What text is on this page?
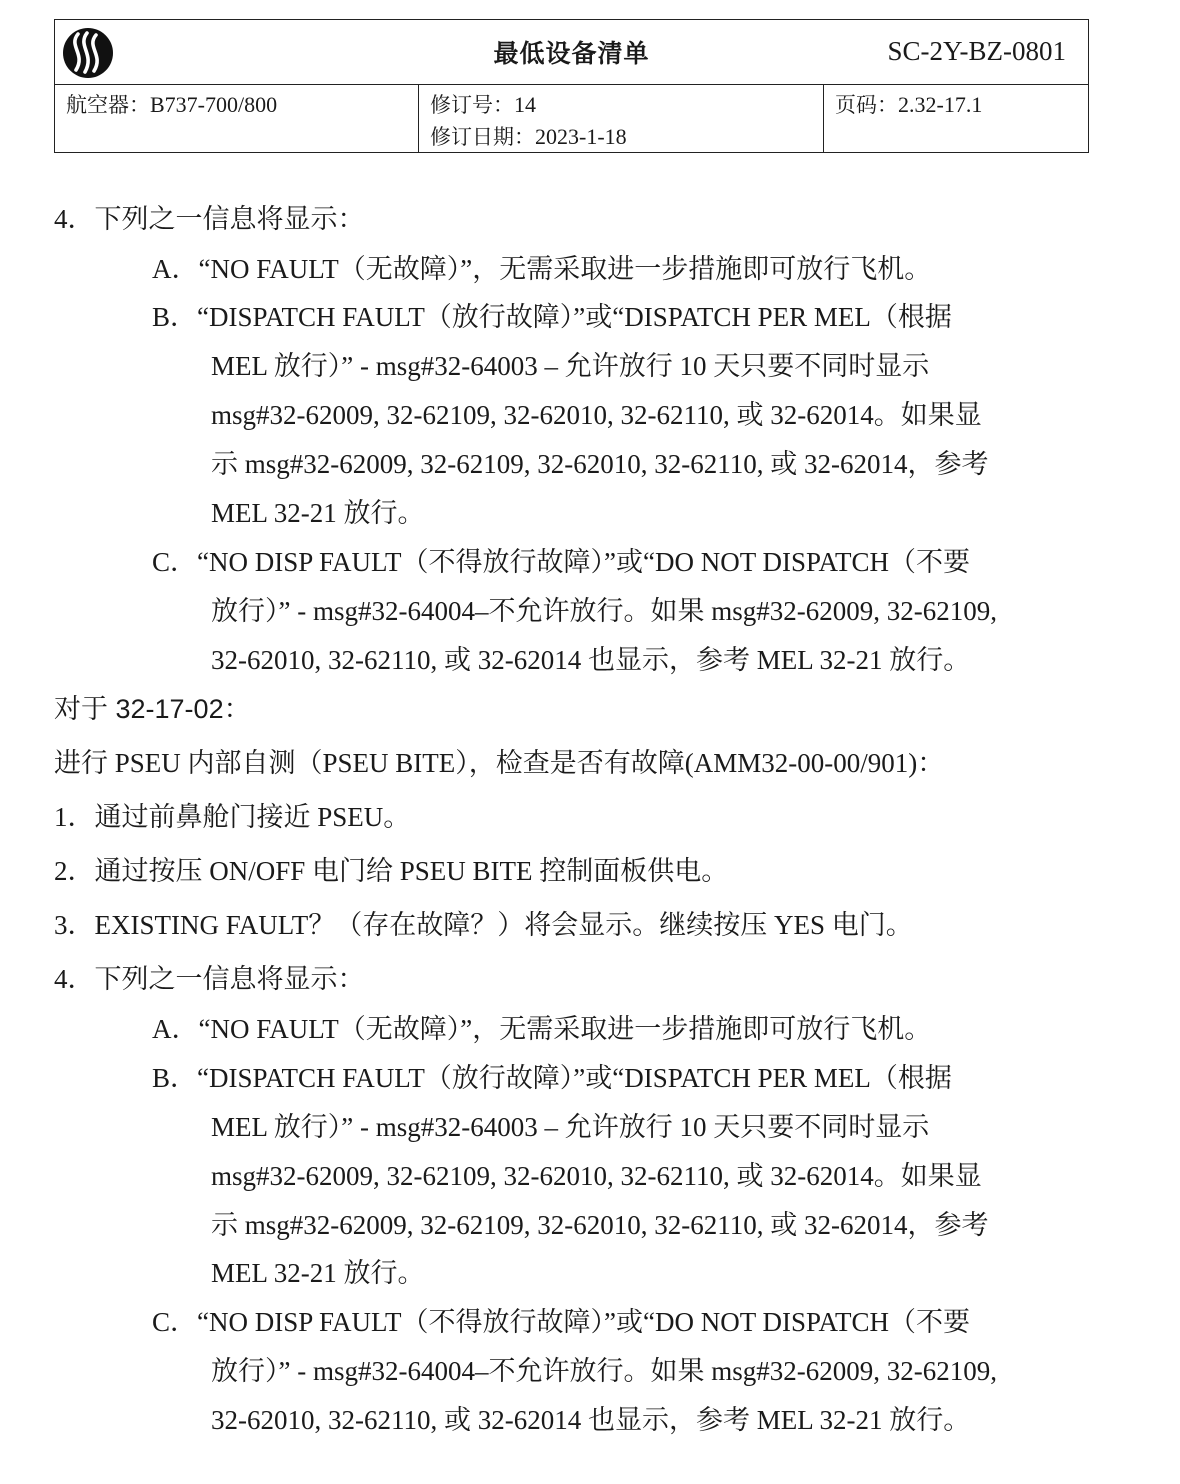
最低设备清单	SC-2Y-BZ-0801
航空器：B737-700/800	修订号：14
修订日期：2023-1-18
页码：2.32-17.1
4．下列之一信息将显示：
A．“NO FAULT（无故障）”，无需采取进一步措施即可放行飞机。
B．“DISPATCH FAULT（放行故障）”或“DISPATCH PER MEL（根据
MEL 放行）” - msg#32-64003 – 允许放行 10 天只要不同时显示
msg#32-62009, 32-62109, 32-62010, 32-62110, 或 32-62014。如果显
示 msg#32-62009, 32-62109, 32-62010, 32-62110, 或 32-62014，参考
MEL 32-21 放行。
C．“NO DISP FAULT（不得放行故障）”或“DO NOT DISPATCH（不要
放行）” - msg#32-64004–不允许放行。如果 msg#32-62009, 32-62109,
32-62010, 32-62110, 或 32-62014 也显示，参考 MEL 32-21 放行。
对于 32-17-02：
进行 PSEU 内部自测（PSEU BITE），检查是否有故障(AMM32-00-00/901)：
1．通过前鼻舱门接近 PSEU。
2．通过按压 ON/OFF 电门给 PSEU BITE 控制面板供电。
3．EXISTING FAULT？（存在故障？）将会显示。继续按压 YES 电门。
4．下列之一信息将显示：
A．“NO FAULT（无故障）”，无需采取进一步措施即可放行飞机。
B．“DISPATCH FAULT（放行故障）”或“DISPATCH PER MEL（根据
MEL 放行）” - msg#32-64003 – 允许放行 10 天只要不同时显示
msg#32-62009, 32-62109, 32-62010, 32-62110, 或 32-62014。如果显
示 msg#32-62009, 32-62109, 32-62010, 32-62110, 或 32-62014，参考
MEL 32-21 放行。
C．“NO DISP FAULT（不得放行故障）”或“DO NOT DISPATCH（不要
放行）” - msg#32-64004–不允许放行。如果 msg#32-62009, 32-62109,
32-62010, 32-62110, 或 32-62014 也显示，参考 MEL 32-21 放行。
